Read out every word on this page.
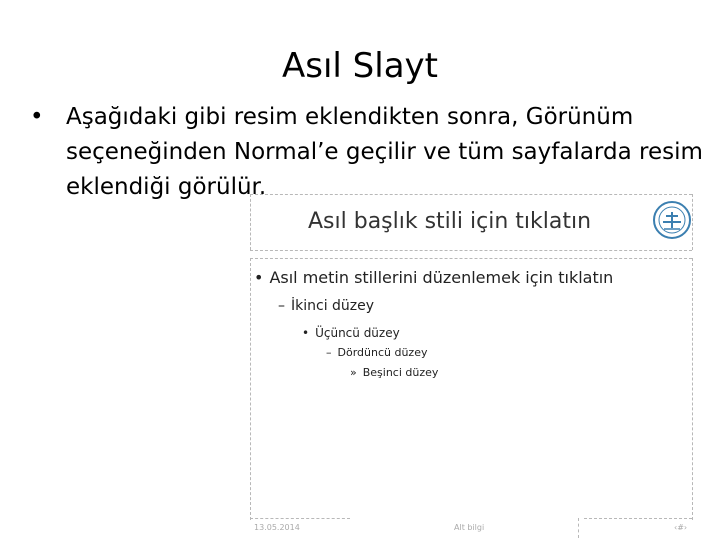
Asıl Slayt
• Aşağıdaki gibi resim eklendikten sonra, Görünüm seçeneğinden Normal’e geçilir ve tüm sayfalarda resim eklendiği görülür.
Asıl başlık stili için tıklatın
• Asıl metin stillerini düzenlemek için tıklatın
– İkinci düzey
• Üçüncü düzey
– Dördüncü düzey
» Beşinci düzey
13.05.2014	Alt bilgi	‹#›
